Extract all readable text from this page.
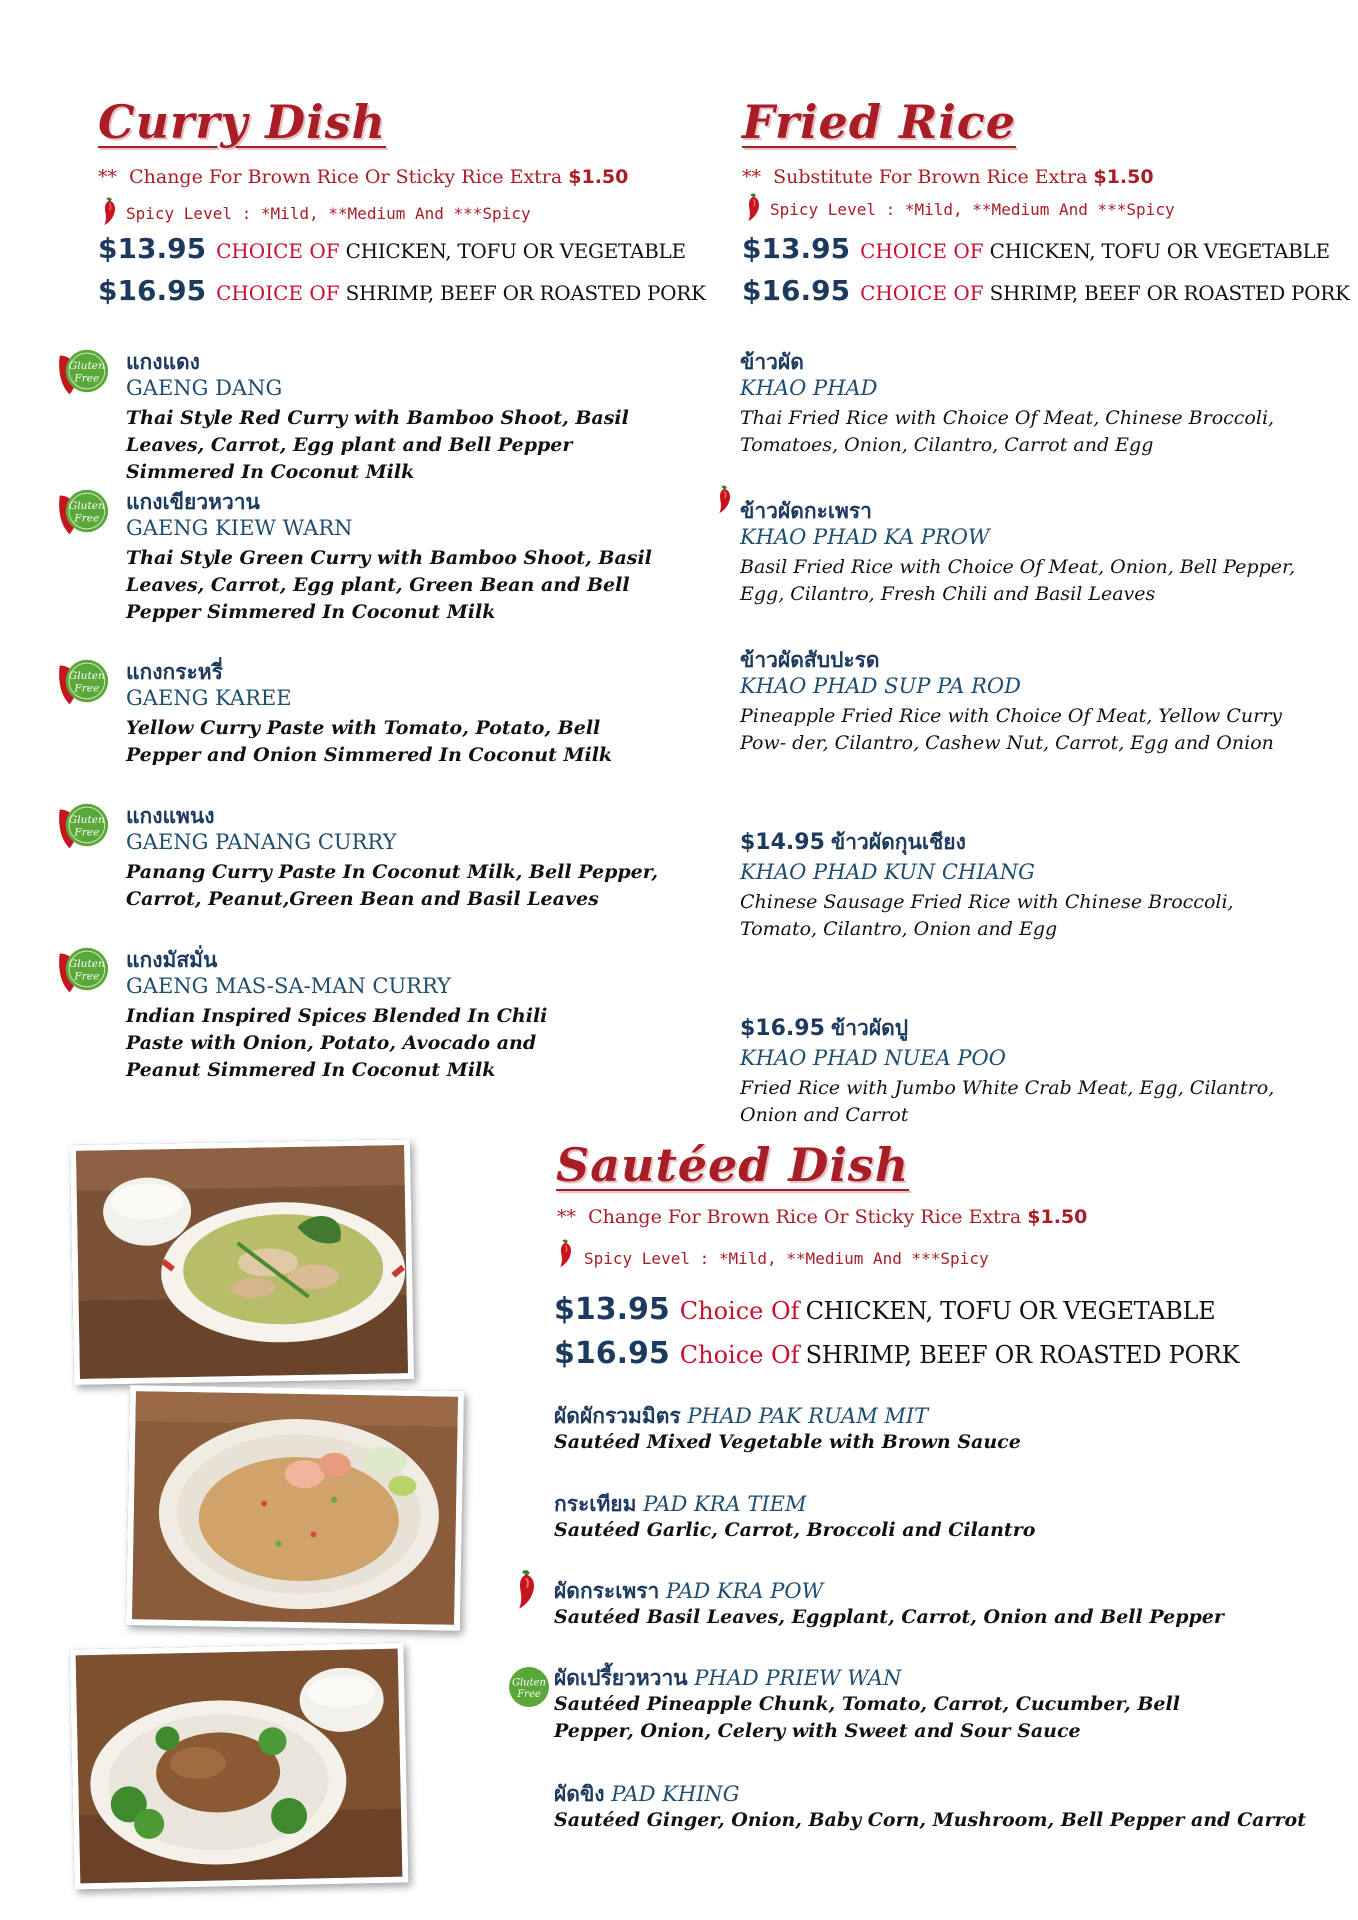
Curry Dish
** Change For Brown Rice Or Sticky Rice Extra $1.50
Spicy Level : *Mild, **Medium And ***Spicy
$13.95 CHOICE OF CHICKEN, TOFU OR VEGETABLE
$16.95 CHOICE OF SHRIMP, BEEF OR ROASTED PORK
แกงแดง
GAENG DANG
Thai Style Red Curry with Bamboo Shoot, Basil Leaves, Carrot, Egg plant and Bell Pepper Simmered In Coconut Milk
แกงเขียวหวาน
GAENG KIEW WARN
Thai Style Green Curry with Bamboo Shoot, Basil Leaves, Carrot, Egg plant, Green Bean and Bell Pepper Simmered In Coconut Milk
แกงกระหรี่
GAENG KAREE
Yellow Curry Paste with Tomato, Potato, Bell Pepper and Onion Simmered In Coconut Milk
แกงแพนง
GAENG PANANG CURRY
Panang Curry Paste In Coconut Milk, Bell Pepper, Carrot, Peanut,Green Bean and Basil Leaves
แกงมัสมั่น
GAENG MAS-SA-MAN CURRY
Indian Inspired Spices Blended In Chili Paste with Onion, Potato, Avocado and Peanut Simmered In Coconut Milk
Fried Rice
** Substitute For Brown Rice Extra $1.50
Spicy Level : *Mild, **Medium And ***Spicy
$13.95 CHOICE OF CHICKEN, TOFU OR VEGETABLE
$16.95 CHOICE OF SHRIMP, BEEF OR ROASTED PORK
ข้าวผัด
KHAO PHAD
Thai Fried Rice with Choice Of Meat, Chinese Broccoli, Tomatoes, Onion, Cilantro, Carrot and Egg
ข้าวผัดกะเพรา
KHAO PHAD KA PROW
Basil Fried Rice with Choice Of Meat, Onion, Bell Pepper, Egg, Cilantro, Fresh Chili and Basil Leaves
ข้าวผัดสับปะรด
KHAO PHAD SUP PA ROD
Pineapple Fried Rice with Choice Of Meat, Yellow Curry Pow- der, Cilantro, Cashew Nut, Carrot, Egg and Onion
$14.95 ข้าวผัดกุนเชียง
KHAO PHAD KUN CHIANG
Chinese Sausage Fried Rice with Chinese Broccoli, Tomato, Cilantro, Onion and Egg
$16.95 ข้าวผัดปู
KHAO PHAD NUEA POO
Fried Rice with Jumbo White Crab Meat, Egg, Cilantro, Onion and Carrot
Sautéed Dish
** Change For Brown Rice Or Sticky Rice Extra $1.50
Spicy Level : *Mild, **Medium And ***Spicy
$13.95 Choice Of CHICKEN, TOFU OR VEGETABLE
$16.95 Choice Of SHRIMP, BEEF OR ROASTED PORK
ผัดผักรวมมิตร PHAD PAK RUAM MIT
Sautéed Mixed Vegetable with Brown Sauce
กระเทียม PAD KRA TIEM
Sautéed Garlic, Carrot, Broccoli and Cilantro
ผัดกระเพรา PAD KRA POW
Sautéed Basil Leaves, Eggplant, Carrot, Onion and Bell Pepper
Gluten
Free
ผัดเปรี้ยวหวาน PHAD PRIEW WAN
Sautéed Pineapple Chunk, Tomato, Carrot, Cucumber, Bell Pepper, Onion, Celery with Sweet and Sour Sauce
ผัดขิง PAD KHING
Sautéed Ginger, Onion, Baby Corn, Mushroom, Bell Pepper and Carrot
